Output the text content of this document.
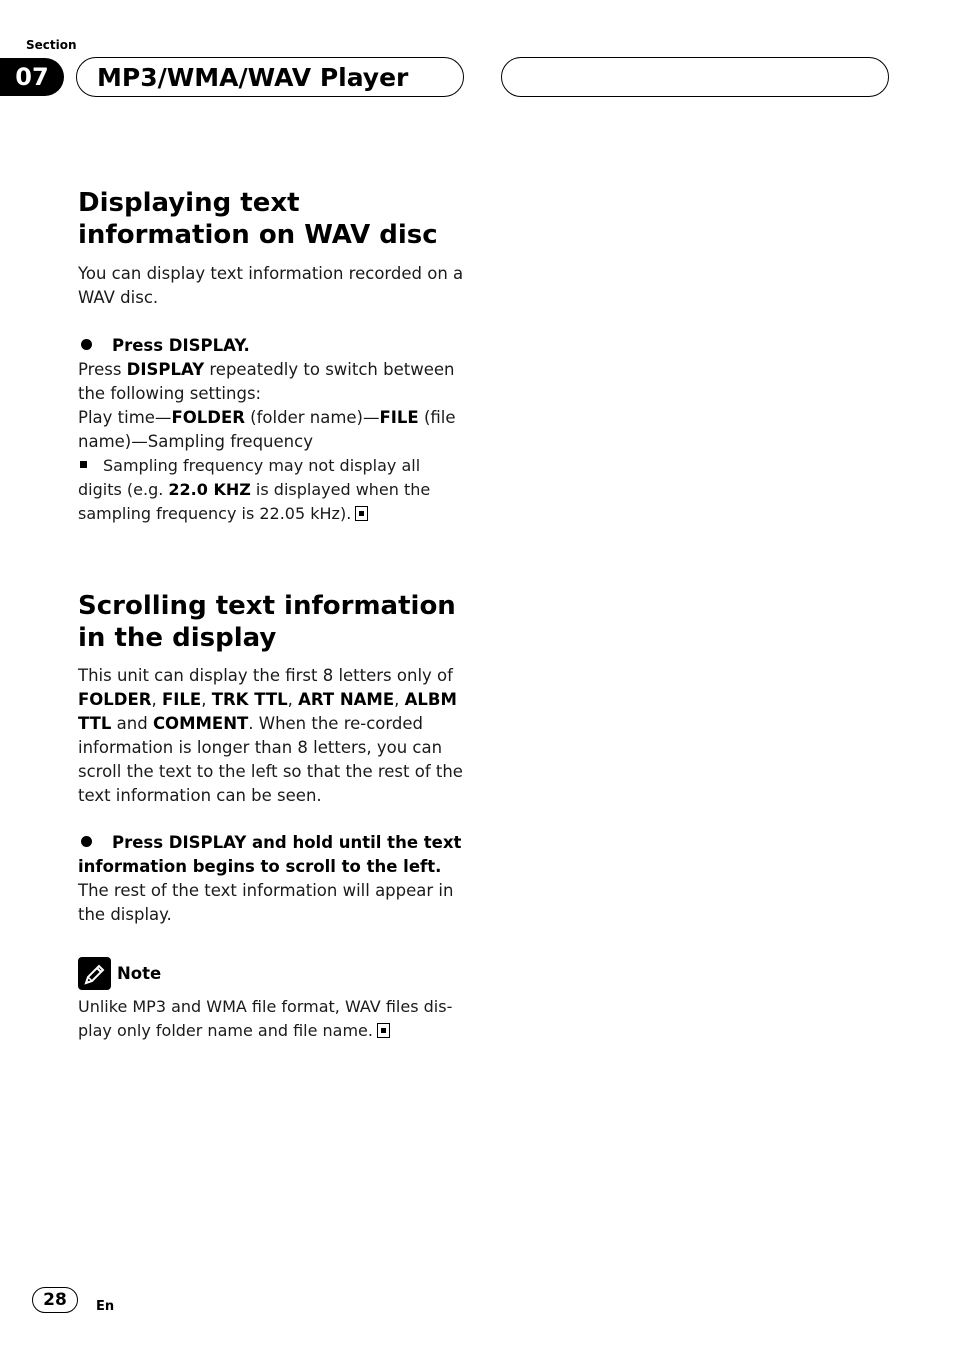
Section
07	MP3/WMA/WAV Player
Displaying text
information on WAV disc

You can display text information recorded on a WAV disc.

Press DISPLAY.

Press DISPLAY repeatedly to switch between the following settings:

Play time—FOLDER (folder name)—FILE (file name)—Sampling frequency

Sampling frequency may not display all digits (e.g. 22.0 KHZ is displayed when the sampling frequency is 22.05 kHz).

Scrolling text information
in the display

This unit can display the first 8 letters only of FOLDER, FILE, TRK TTL, ART NAME, ALBM TTL and COMMENT. When the re-corded information is longer than 8 letters, you can scroll the text to the left so that the rest of the text information can be seen.

Press DISPLAY and hold until the text information begins to scroll to the left.

The rest of the text information will appear in the display.

Note

Unlike MP3 and WMA file format, WAV files dis-play only folder name and file name.

28	En
